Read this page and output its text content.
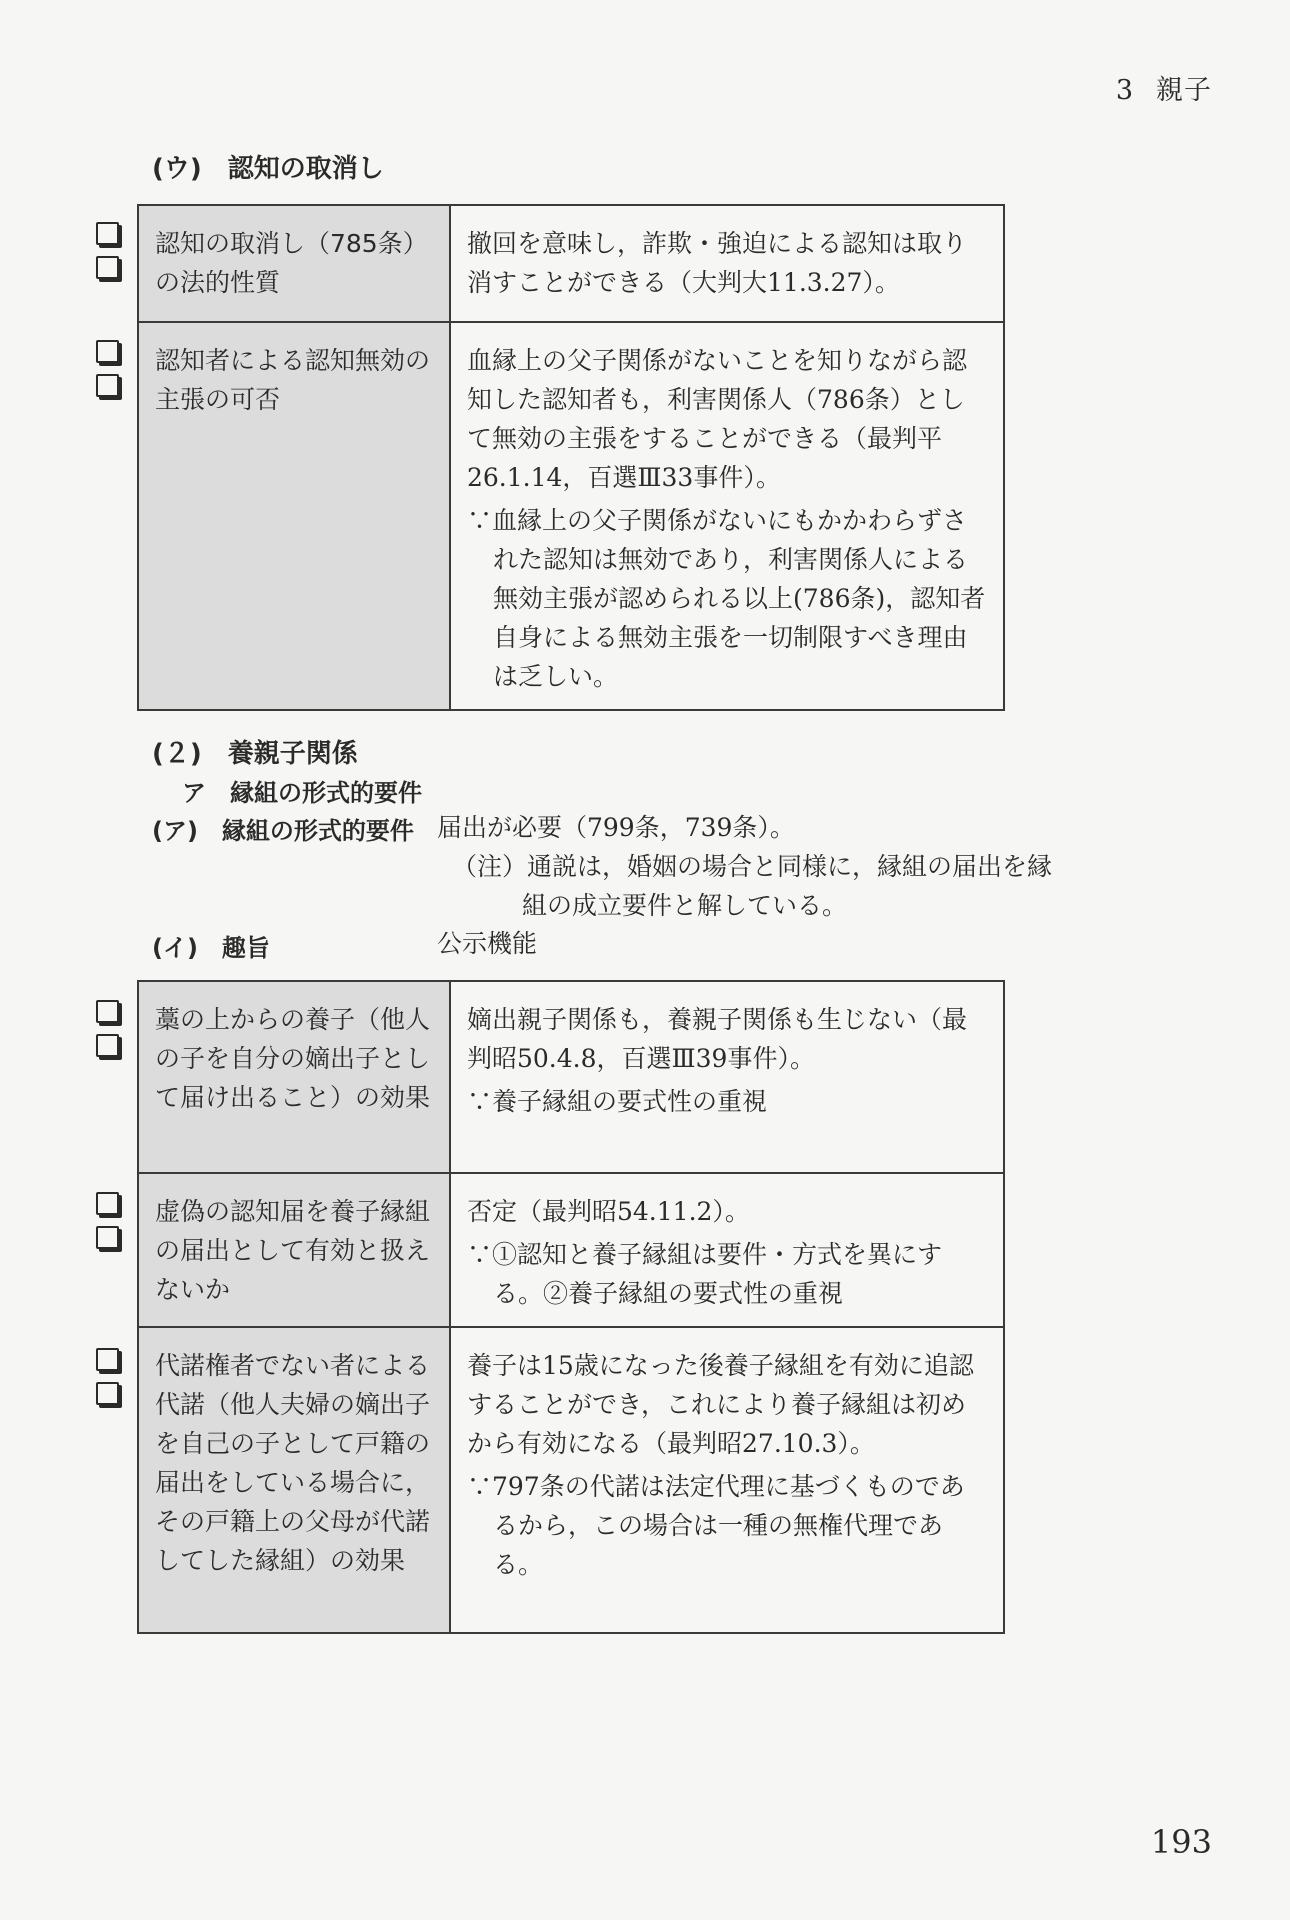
3 親子
(ウ)　認知の取消し
認知の取消し（785条）の法的性質	撤回を意味し，詐欺・強迫による認知は取り消すことができる（大判大11.3.27）。
認知者による認知無効の主張の可否	血縁上の父子関係がないことを知りながら認知した認知者も，利害関係人（786条）として無効の主張をすることができる（最判平26.1.14，百選Ⅲ33事件）。
∵血縁上の父子関係がないにもかかわらずされた認知は無効であり，利害関係人による無効主張が認められる以上(786条)，認知者自身による無効主張を一切制限すべき理由は乏しい。
(２)　養親子関係
ア　縁組の形式的要件
(ア)　縁組の形式的要件 届出が必要（799条，739条）。
（注）通説は，婚姻の場合と同様に，縁組の届出を縁組の成立要件と解している。
(イ)　趣旨	公示機能
藁の上からの養子（他人の子を自分の嫡出子として届け出ること）の効果	嫡出親子関係も，養親子関係も生じない（最判昭50.4.8，百選Ⅲ39事件）。
∵養子縁組の要式性の重視

虚偽の認知届を養子縁組の届出として有効と扱えないか	否定（最判昭54.11.2）。
∵①認知と養子縁組は要件・方式を異にする。②養子縁組の要式性の重視

代諾権者でない者による代諾（他人夫婦の嫡出子を自己の子として戸籍の届出をしている場合に，その戸籍上の父母が代諾してした縁組）の効果	養子は15歳になった後養子縁組を有効に追認することができ，これにより養子縁組は初めから有効になる（最判昭27.10.3）。
∵797条の代諾は法定代理に基づくものであるから，この場合は一種の無権代理である。
193
